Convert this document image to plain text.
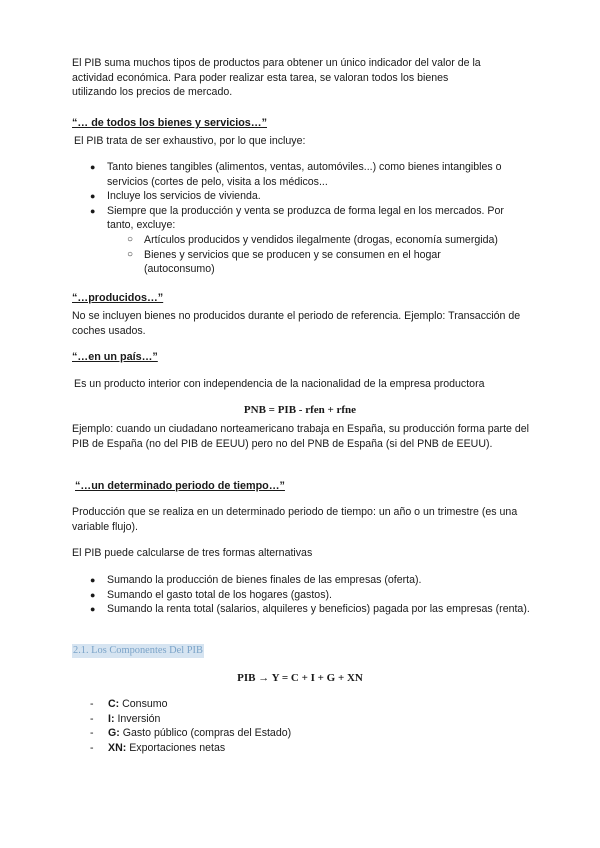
El PIB suma muchos tipos de productos para obtener un único indicador del valor de la actividad económica. Para poder realizar esta tarea, se valoran todos los bienes utilizando los precios de mercado.

“… de todos los bienes y servicios…”

El PIB trata de ser exhaustivo, por lo que incluye:

● Tanto bienes tangibles (alimentos, ventas, automóviles...) como bienes intangibles o servicios (cortes de pelo, visita a los médicos...
● Incluye los servicios de vivienda.
● Siempre que la producción y venta se produzca de forma legal en los mercados. Por tanto, excluye:
○ Artículos producidos y vendidos ilegalmente (drogas, economía sumergida)
○ Bienes y servicios que se producen y se consumen en el hogar (autoconsumo)

“…producidos…”

No se incluyen bienes no producidos durante el periodo de referencia. Ejemplo: Transacción de coches usados.

“…en un país…”

Es un producto interior con independencia de la nacionalidad de la empresa productora

PNB = PIB - rfen + rfne

Ejemplo: cuando un ciudadano norteamericano trabaja en España, su producción forma parte del PIB de España (no del PIB de EEUU) pero no del PNB de España (si del PNB de EEUU).

“…un determinado periodo de tiempo…”

Producción que se realiza en un determinado periodo de tiempo: un año o un trimestre (es una variable flujo).

El PIB puede calcularse de tres formas alternativas

● Sumando la producción de bienes finales de las empresas (oferta).
● Sumando el gasto total de los hogares (gastos).
● Sumando la renta total (salarios, alquileres y beneficios) pagada por las empresas (renta).
2.1. Los Componentes Del PIB

PIB → Y = C + I + G + XN

- C: Consumo
- I: Inversión
- G: Gasto público (compras del Estado)
- XN: Exportaciones netas
